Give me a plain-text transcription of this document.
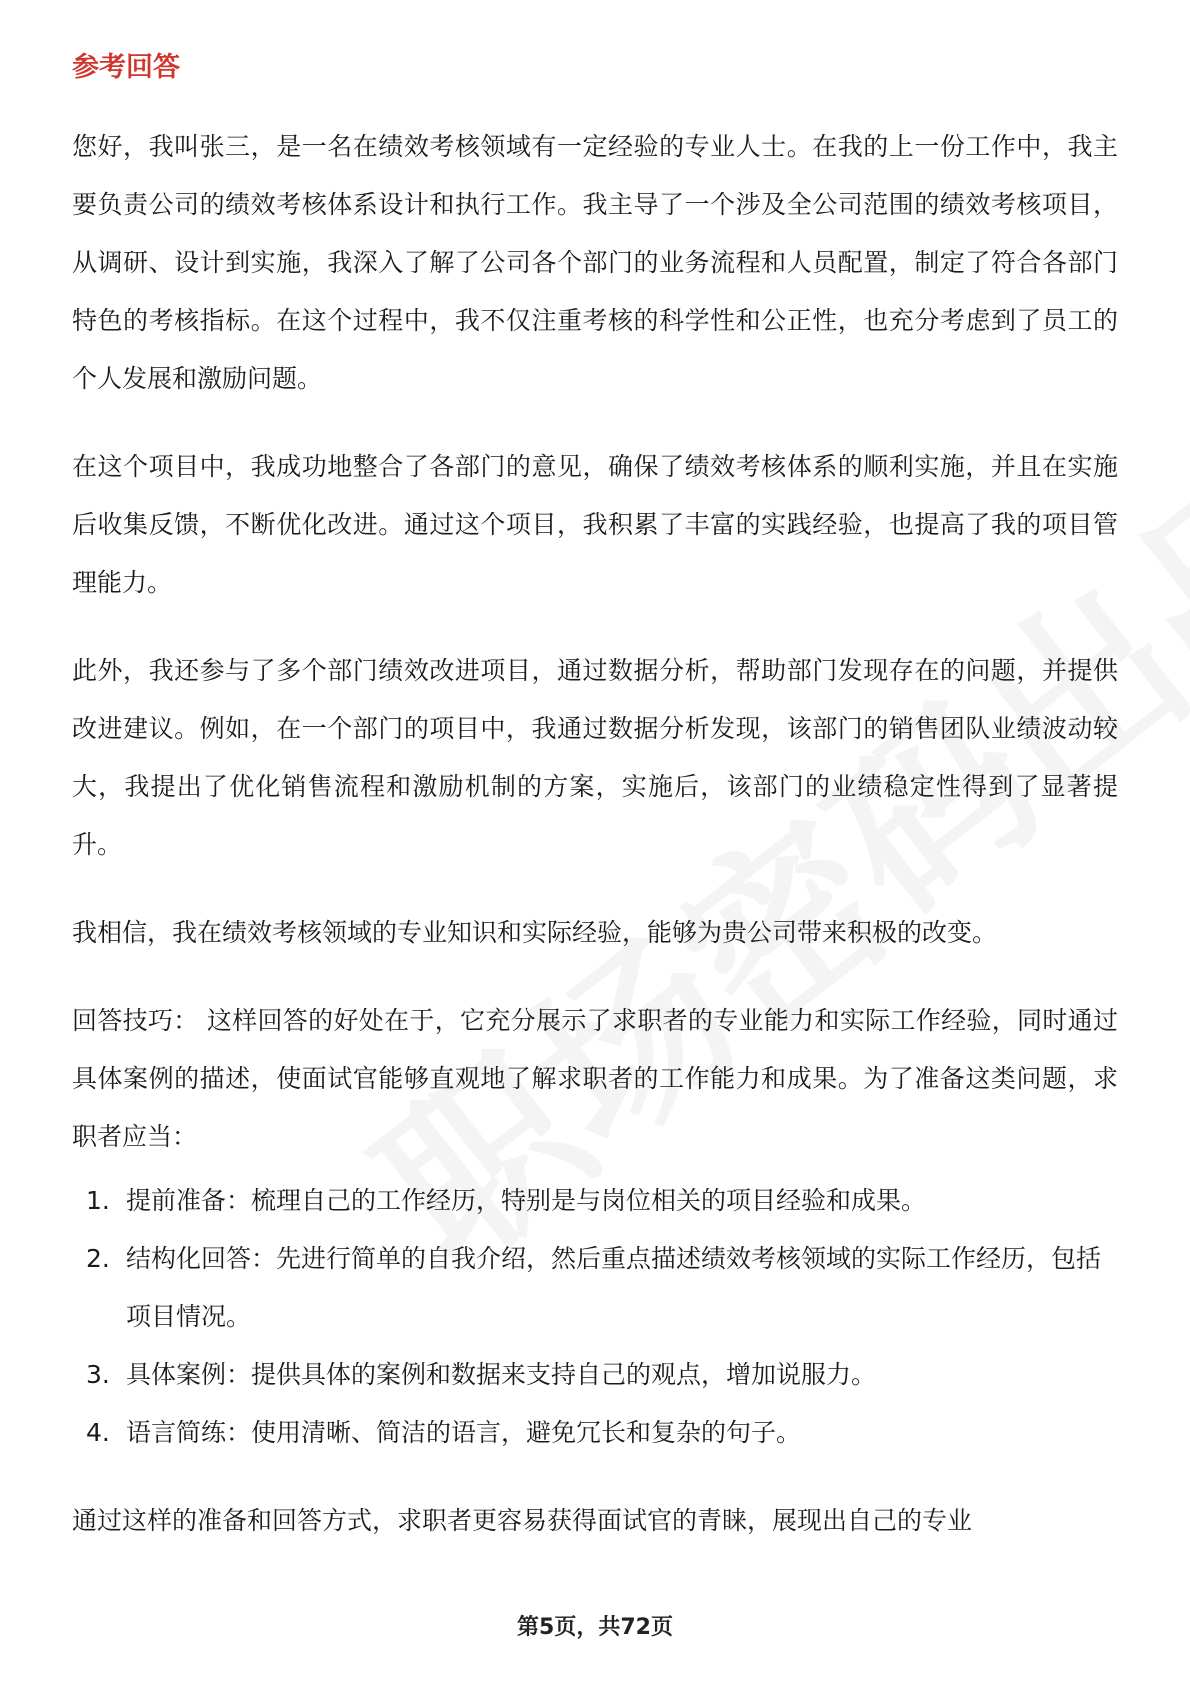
参考回答

您好，我叫张三，是一名在绩效考核领域有一定经验的专业人士。在我的上一份工作中，我主要负责公司的绩效考核体系设计和执行工作。我主导了一个涉及全公司范围的绩效考核项目，从调研、设计到实施，我深入了解了公司各个部门的业务流程和人员配置，制定了符合各部门特色的考核指标。在这个过程中，我不仅注重考核的科学性和公正性，也充分考虑到了员工的个人发展和激励问题。

在这个项目中，我成功地整合了各部门的意见，确保了绩效考核体系的顺利实施，并且在实施后收集反馈，不断优化改进。通过这个项目，我积累了丰富的实践经验，也提高了我的项目管理能力。

此外，我还参与了多个部门绩效改进项目，通过数据分析，帮助部门发现存在的问题，并提供改进建议。例如，在一个部门的项目中，我通过数据分析发现，该部门的销售团队业绩波动较大，我提出了优化销售流程和激励机制的方案，实施后，该部门的业绩稳定性得到了显著提升。

我相信，我在绩效考核领域的专业知识和实际经验，能够为贵公司带来积极的改变。

回答技巧： 这样回答的好处在于，它充分展示了求职者的专业能力和实际工作经验，同时通过具体案例的描述，使面试官能够直观地了解求职者的工作能力和成果。为了准备这类问题，求职者应当：

1. 提前准备：梳理自己的工作经历，特别是与岗位相关的项目经验和成果。
2. 结构化回答：先进行简单的自我介绍，然后重点描述绩效考核领域的实际工作经历，包括项目情况。
3. 具体案例：提供具体的案例和数据来支持自己的观点，增加说服力。
4. 语言简练：使用清晰、简洁的语言，避免冗长和复杂的句子。

通过这样的准备和回答方式，求职者更容易获得面试官的青睐，展现出自己的专业

第5页，共72页
